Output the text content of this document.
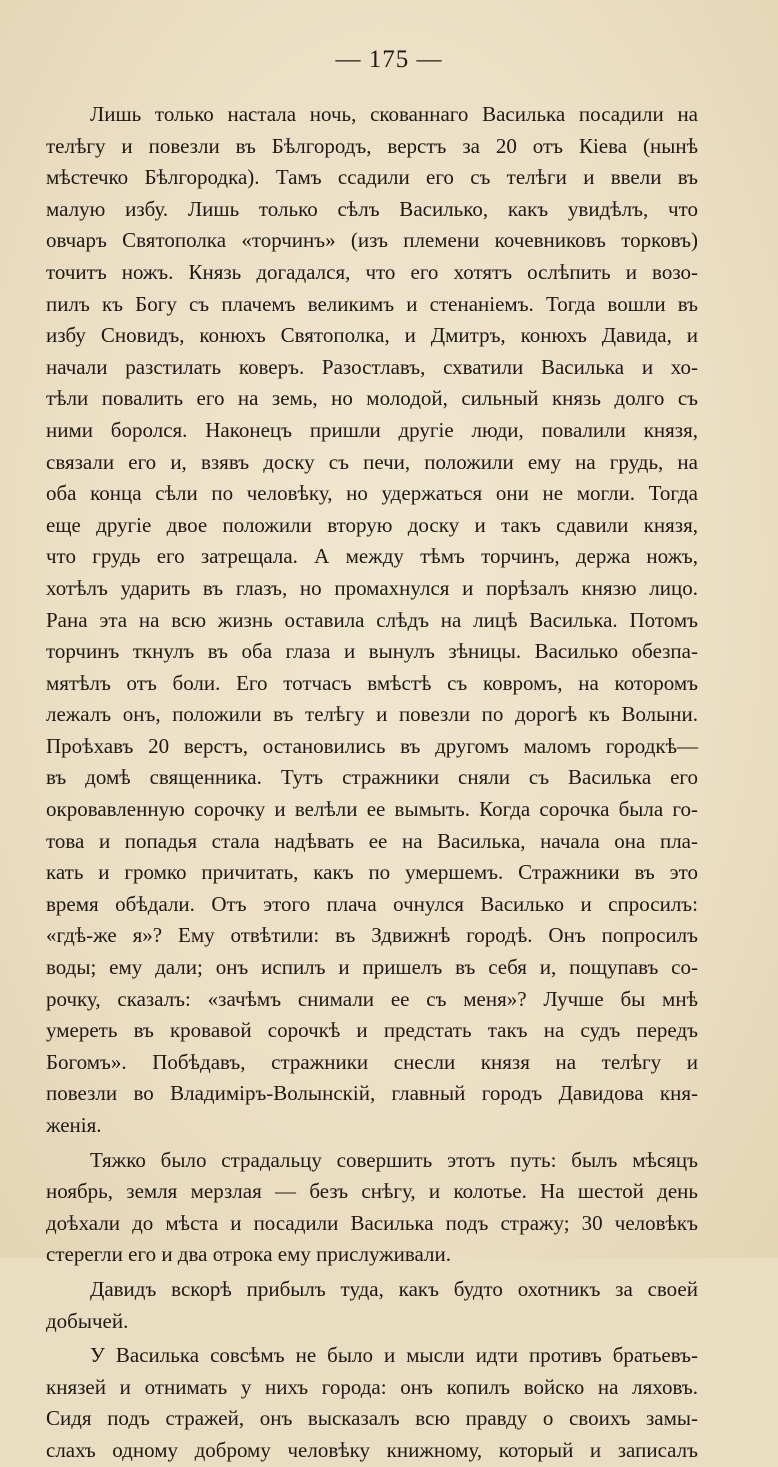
— 175 —

Лишь только настала ночь, скованнаго Василька посадили на
телѣгу и повезли въ Бѣлгородъ, верстъ за 20 отъ Кіева (нынѣ
мѣстечко Бѣлгородка). Тамъ ссадили его съ телѣги и ввели въ
малую избу. Лишь только сѣлъ Василько, какъ увидѣлъ, что
овчаръ Святополка «торчинъ» (изъ племени кочевниковъ торковъ)
точитъ ножъ. Князь догадался, что его хотятъ ослѣпить и возо-
пилъ къ Богу съ плачемъ великимъ и стенаніемъ. Тогда вошли въ
избу Сновидъ, конюхъ Святополка, и Дмитръ, конюхъ Давида, и
начали разстилать коверъ. Разостлавъ, схватили Василька и хо-
тѣли повалить его на земь, но молодой, сильный князь долго съ
ними боролся. Наконецъ пришли другіе люди, повалили князя,
связали его и, взявъ доску съ печи, положили ему на грудь, на
оба конца сѣли по человѣку, но удержаться они не могли. Тогда
еще другіе двое положили вторую доску и такъ сдавили князя,
что грудь его затрещала. А между тѣмъ торчинъ, держа ножъ,
хотѣлъ ударить въ глазъ, но промахнулся и порѣзалъ князю лицо.
Рана эта на всю жизнь оставила слѣдъ на лицѣ Василька. Потомъ
торчинъ ткнулъ въ оба глаза и вынулъ зѣницы. Василько обезпа-
мятѣлъ отъ боли. Его тотчасъ вмѣстѣ съ ковромъ, на которомъ
лежалъ онъ, положили въ телѣгу и повезли по дорогѣ къ Волыни.
Проѣхавъ 20 верстъ, остановились въ другомъ маломъ городкѣ—
въ домѣ священника. Тутъ стражники сняли съ Василька его
окровавленную сорочку и велѣли ее вымыть. Когда сорочка была го-
това и попадья стала надѣвать ее на Василька, начала она пла-
кать и громко причитать, какъ по умершемъ. Стражники въ это
время обѣдали. Отъ этого плача очнулся Василько и спросилъ:
«гдѣ-же я»? Ему отвѣтили: въ Здвижнѣ городѣ. Онъ попросилъ
воды; ему дали; онъ испилъ и пришелъ въ себя и, пощупавъ со-
рочку, сказалъ: «зачѣмъ снимали ее съ меня»? Лучше бы мнѣ
умереть въ кровавой сорочкѣ и предстать такъ на судъ передъ
Богомъ». Побѣдавъ, стражники снесли князя на телѣгу и
повезли во Владиміръ-Волынскій, главный городъ Давидова кня-
женія.

Тяжко было страдальцу совершить этотъ путь: былъ мѣсяцъ
ноябрь, земля мерзлая — безъ снѣгу, и колотье. На шестой день
доѣхали до мѣста и посадили Василька подъ стражу; 30 человѣкъ
стерегли его и два отрока ему прислуживали.

Давидъ вскорѣ прибылъ туда, какъ будто охотникъ за своей
добычей.

У Василька совсѣмъ не было и мысли идти противъ братьевъ-
князей и отнимать у нихъ города: онъ копилъ войско на ляховъ.
Сидя подъ стражей, онъ высказалъ всю правду о своихъ замы-
слахъ одному доброму человѣку книжному, который и записалъ
